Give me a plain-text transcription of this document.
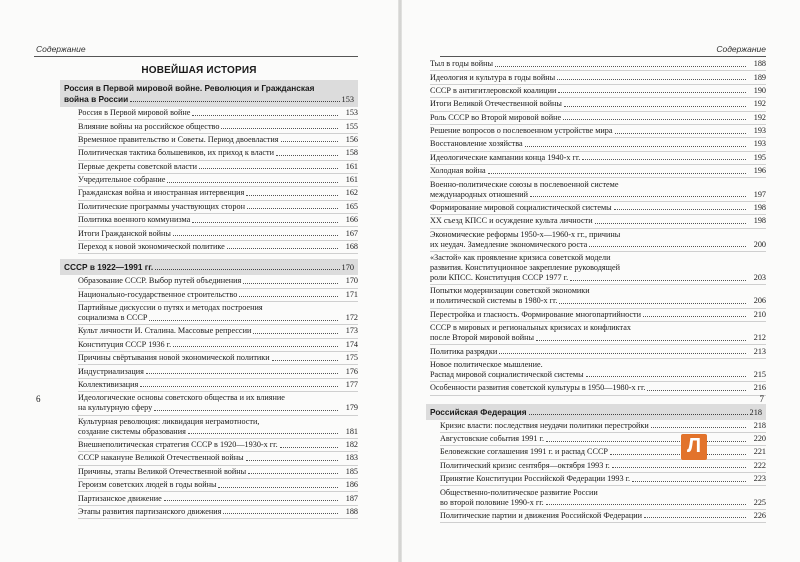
Содержание
НОВЕЙШАЯ ИСТОРИЯ
Россия в Первой мировой войне. Революция и Гражданская
война в России	153
Россия в Первой мировой войне	153
Влияние войны на российское общество	155
Временное правительство и Советы. Период двоевластия	156
Политическая тактика большевиков, их приход к власти	158
Первые декреты советской власти	161
Учредительное собрание	161
Гражданская война и иностранная интервенция	162
Политические программы участвующих сторон	165
Политика военного коммунизма	166
Итоги Гражданской войны	167
Переход к новой экономической политике	168
СССР в 1922—1991 гг.	170
Образование СССР. Выбор путей объединения	170
Национально-государственное строительство	171
Партийные дискуссии о путях и методах построения
социализма в СССР	172
Культ личности И. Сталина. Массовые репрессии	173
Конституция СССР 1936 г.	174
Причины свёртывания новой экономической политики	175
Индустриализация	176
Коллективизация	177
Идеологические основы советского общества и их влияние
на культурную сферу	179
Культурная революция: ликвидация неграмотности,
создание системы образования	181
Внешнеполитическая стратегия СССР в 1920—1930-х гг.	182
СССР накануне Великой Отечественной войны	183
Причины, этапы Великой Отечественной войны	185
Героизм советских людей в годы войны	186
Партизанское движение	187
Этапы развития партизанского движения	188
6
Содержание
Тыл в годы войны	188
Идеология и культура в годы войны	189
СССР в антигитлеровской коалиции	190
Итоги Великой Отечественной войны	192
Роль СССР во Второй мировой войне	192
Решение вопросов о послевоенном устройстве мира	193
Восстановление хозяйства	193
Идеологические кампании конца 1940-х гг.	195
Холодная война	196
Военно-политические союзы в послевоенной системе
международных отношений	197
Формирование мировой социалистической системы	198
XX съезд КПСС и осуждение культа личности	198
Экономические реформы 1950-х—1960-х гг., причины
их неудач. Замедление экономического роста	200
«Застой» как проявление кризиса советской модели
развития. Конституционное закрепление руководящей
роли КПСС. Конституция СССР 1977 г.	203
Попытки модернизации советской экономики
и политической системы в 1980-х гг.	206
Перестройка и гласность. Формирование многопартийности	210
СССР в мировых и региональных кризисах и конфликтах
после Второй мировой войны	212
Политика разрядки	213
Новое политическое мышление.
Распад мировой социалистической системы	215
Особенности развития советской культуры в 1950—1980-х гг.	216
Российская Федерация	218
Кризис власти: последствия неудачи политики перестройки	218
Августовские события 1991 г.	220
Беловежские соглашения 1991 г. и распад СССР	221
Политический кризис сентября—октября 1993 г.	222
Принятие Конституции Российской Федерации 1993 г.	223
Общественно-политическое развитие России
во второй половине 1990-х гг.	225
Политические партии и движения Российской Федерации	226
7
Л
